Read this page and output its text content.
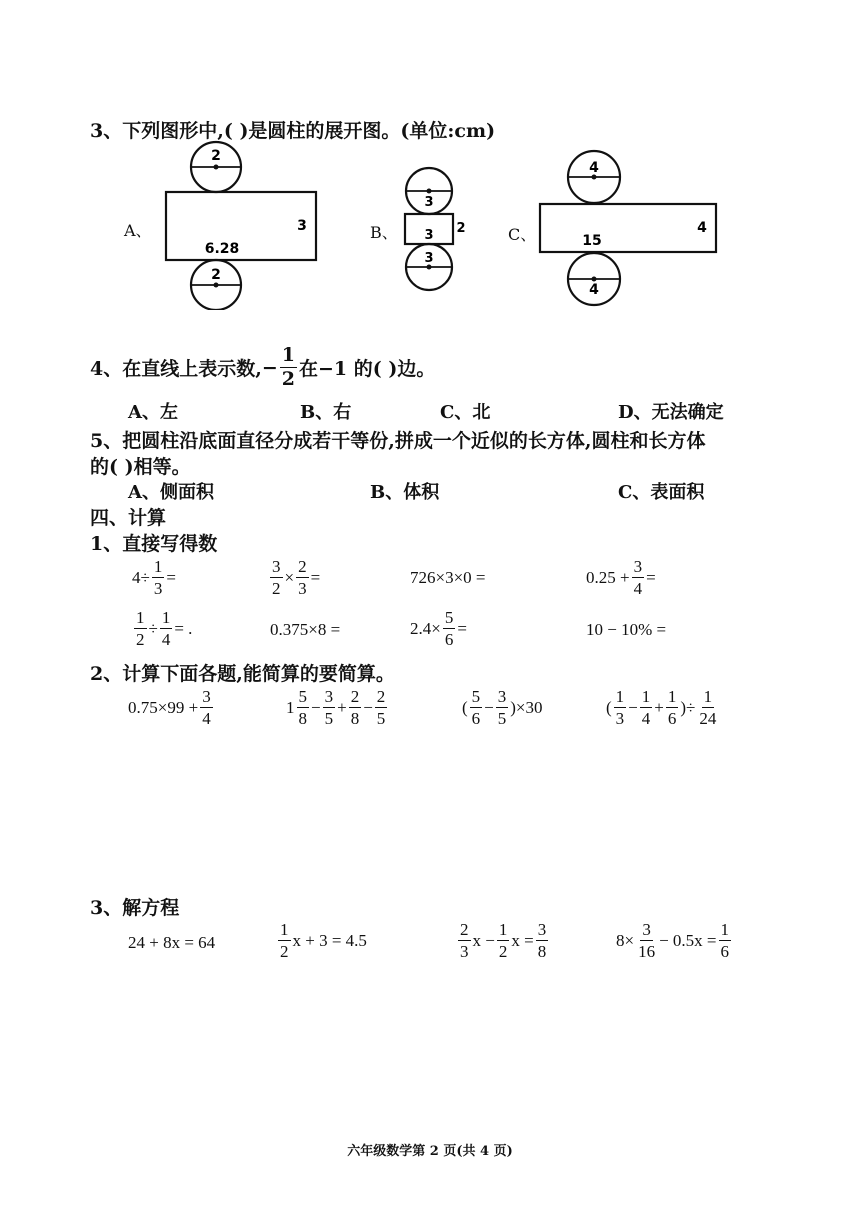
3、下列图形中,( )是圆柱的展开图。(单位:cm)
2
3
6.28
2
3
3 2
3
4
4
15
4
A、	B、	C、
4、在直线上表示数, − $\frac{1}{2}$ 在−1 的( )边。
A、左	B、右	C、北	D、无法确定
5、把圆柱沿底面直径分成若干等份,拼成一个近似的长方体,圆柱和长方体
的( )相等。
A、侧面积	B、体积	C、表面积
四、计算
1、直接写得数
$4\div \frac{1}{3}$ =	$\frac{3}{2} \times \frac{2}{3}$ =	726×3×0 =	$0.25 + \frac{3}{4}$ =
$\frac{1}{2} \div \frac{1}{4}$ = .	0.375×8 =	$2.4\times \frac{5}{6}$ =	10 − 10% =
2、计算下面各题,能简算的要简算。
$0.75\times 99 + \frac{3}{4}$	$1 \frac{5}{8} - \frac{3}{5} + \frac{2}{8} - \frac{2}{5}$	( $\frac{5}{6} - \frac{3}{5} )\times 30$	( $\frac{1}{3} - \frac{1}{4} + \frac{1}{6}$ )÷ $\frac{1}{24}$
3、解方程
24 + 8x = 64	$\frac{1}{2}$ x + 3 = 4.5	$\frac{2}{3}$ $x - \frac{1}{2}$ $x = \frac{3}{8}$	$8\times \frac{3}{16} - 0.5x = \frac{1}{6}$
六年级数学第 2 页(共 4 页)
